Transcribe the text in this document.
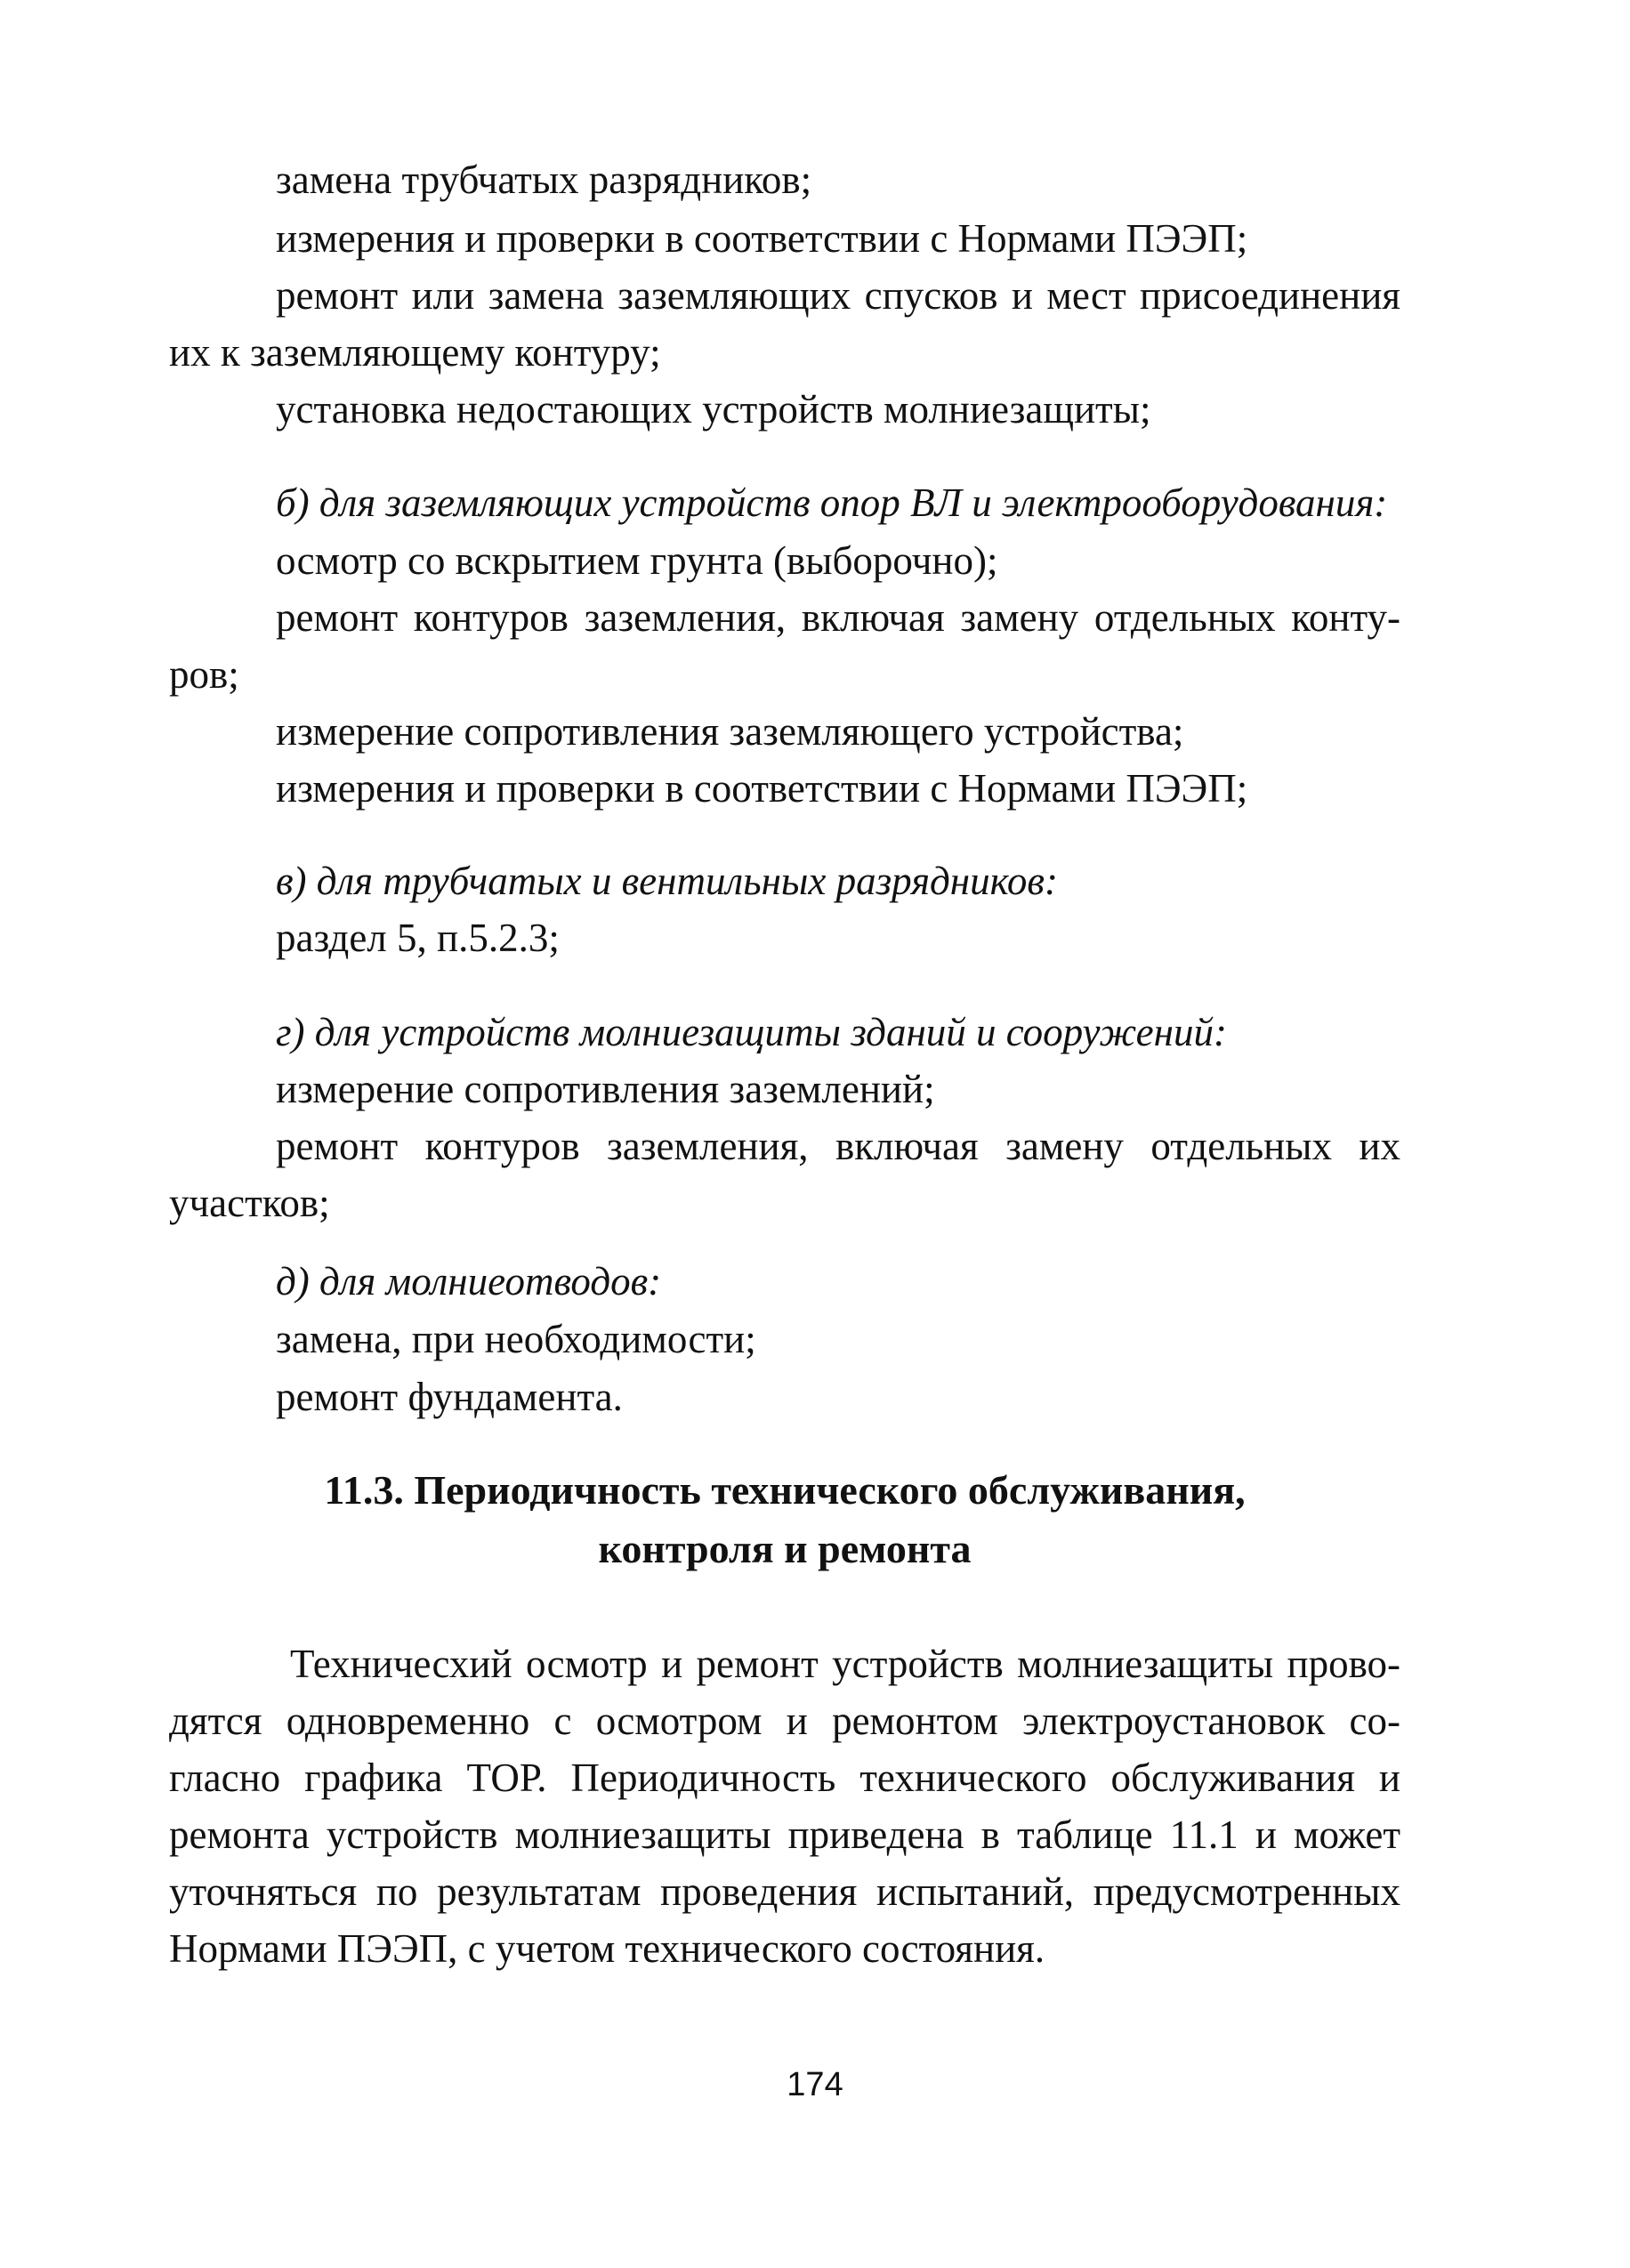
замена трубчатых разрядников;
измерения и проверки в соответствии с Нормами ПЭЭП;
ремонт или замена заземляющих спусков и мест присоединения
их к заземляющему контуру;
установка недостающих устройств молниезащиты;
б) для заземляющих устройств опор ВЛ и электрооборудования:
осмотр со вскрытием грунта (выборочно);
ремонт контуров заземления, включая замену отдельных конту-
ров;
измерение сопротивления заземляющего устройства;
измерения и проверки в соответствии с Нормами ПЭЭП;
в) для трубчатых и вентильных разрядников:
раздел 5, п.5.2.3;
г) для устройств молниезащиты зданий и сооружений:
измерение сопротивления заземлений;
ремонт контуров заземления, включая замену отдельных их
участков;
д) для молниеотводов:
замена, при необходимости;
ремонт фундамента.
11.3. Периодичность технического обслуживания,
контроля и ремонта
Техничесхий осмотр и ремонт устройств молниезащиты прово-
дятся одновременно с осмотром и ремонтом электроустановок со-
гласно графика ТОР. Периодичность технического обслуживания и
ремонта устройств молниезащиты приведена в таблице 11.1 и может
уточняться по результатам проведения испытаний, предусмотренных
Нормами ПЭЭП, с учетом технического состояния.
174
